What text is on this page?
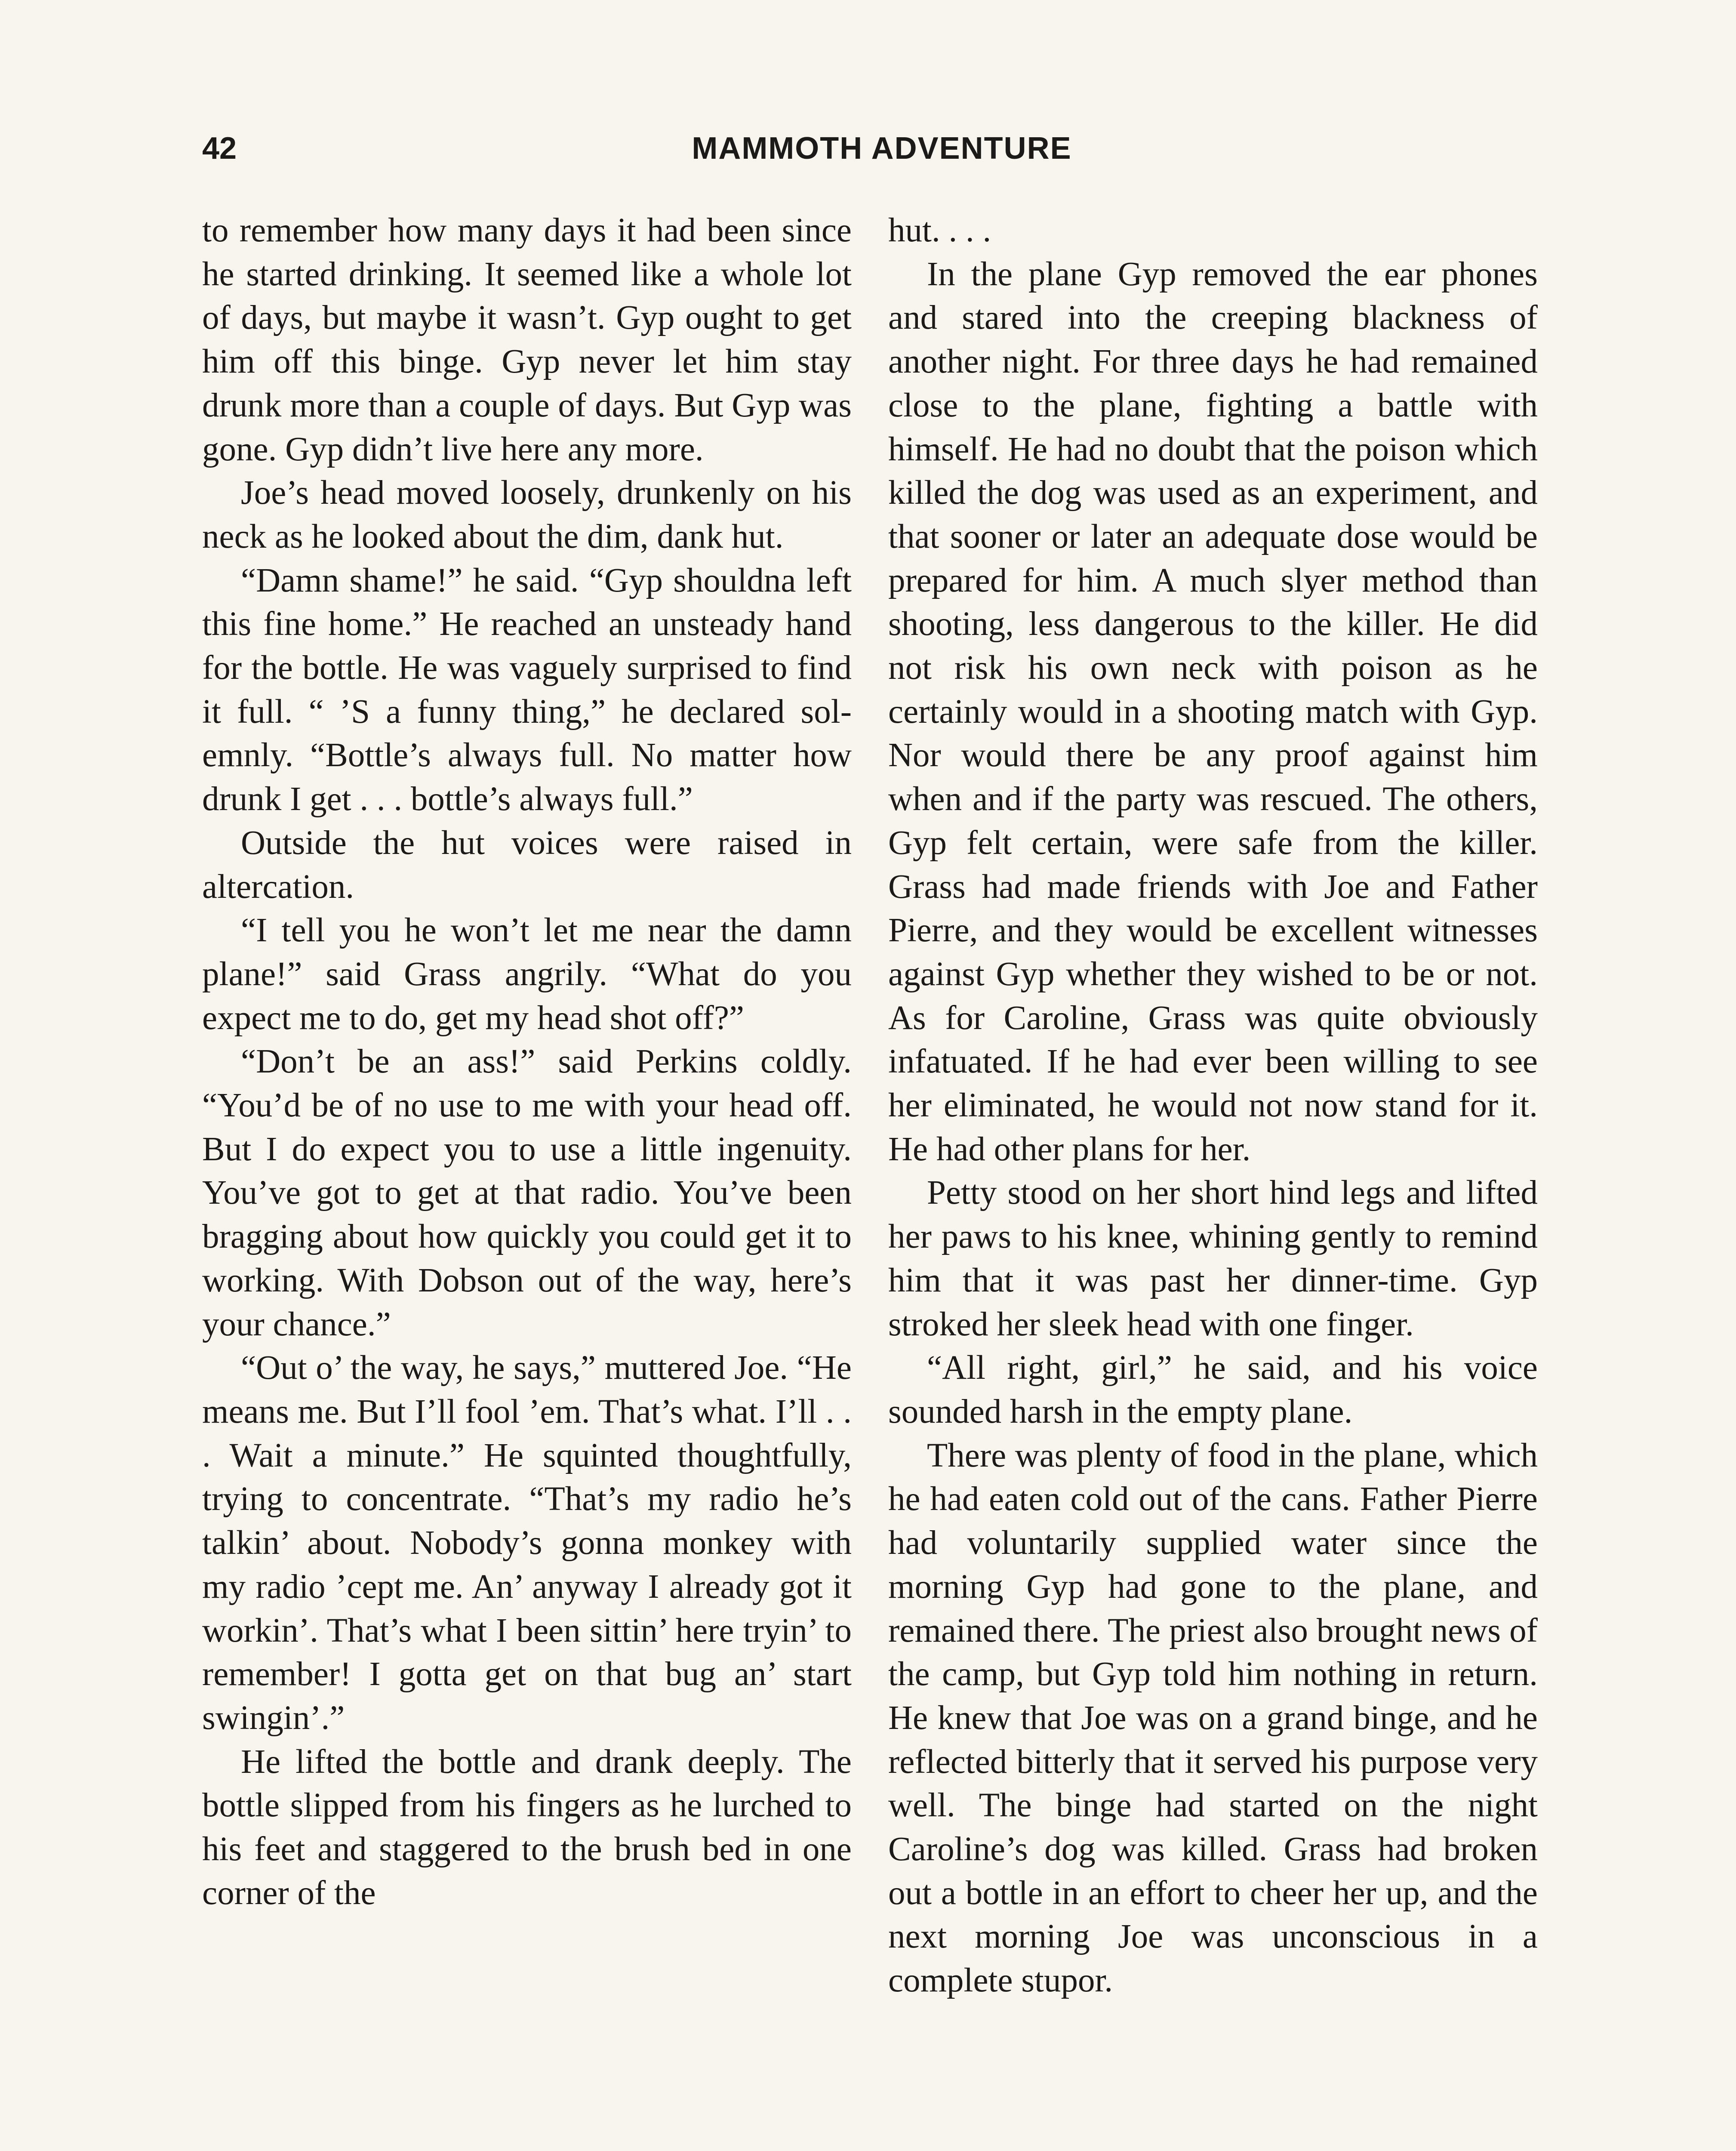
42	MAMMOTH ADVENTURE

to remember how many days it had been since he started drinking. It seemed like a whole lot of days, but maybe it wasn’t. Gyp ought to get him off this binge. Gyp never let him stay drunk more than a couple of days. But Gyp was gone. Gyp didn’t live here any more.

Joe’s head moved loosely, drunkenly on his neck as he looked about the dim, dank hut.

“Damn shame!” he said. “Gyp shouldna left this fine home.” He reached an unsteady hand for the bottle. He was vaguely surprised to find it full. “ ’S a funny thing,” he declared solemnly. “Bottle’s always full. No matter how drunk I get . . . bottle’s always full.”

Outside the hut voices were raised in altercation.

“I tell you he won’t let me near the damn plane!” said Grass angrily. “What do you expect me to do, get my head shot off?”

“Don’t be an ass!” said Perkins coldly. “You’d be of no use to me with your head off. But I do expect you to use a little ingenuity. You’ve got to get at that radio. You’ve been bragging about how quickly you could get it to working. With Dobson out of the way, here’s your chance.”

“Out o’ the way, he says,” muttered Joe. “He means me. But I’ll fool ’em. That’s what. I’ll . . . Wait a minute.” He squinted thoughtfully, trying to concentrate. “That’s my radio he’s talkin’ about. Nobody’s gonna monkey with my radio ’cept me. An’ anyway I already got it workin’. That’s what I been sittin’ here tryin’ to remember! I gotta get on that bug an’ start swingin’.”

He lifted the bottle and drank deeply. The bottle slipped from his fingers as he lurched to his feet and staggered to the brush bed in one corner of the

hut. . . .

In the plane Gyp removed the ear phones and stared into the creeping blackness of another night. For three days he had remained close to the plane, fighting a battle with himself. He had no doubt that the poison which killed the dog was used as an experiment, and that sooner or later an adequate dose would be prepared for him. A much slyer method than shooting, less dangerous to the killer. He did not risk his own neck with poison as he certainly would in a shooting match with Gyp. Nor would there be any proof against him when and if the party was rescued. The others, Gyp felt certain, were safe from the killer. Grass had made friends with Joe and Father Pierre, and they would be excellent witnesses against Gyp whether they wished to be or not. As for Caroline, Grass was quite obviously infatuated. If he had ever been willing to see her eliminated, he would not now stand for it. He had other plans for her.

Petty stood on her short hind legs and lifted her paws to his knee, whining gently to remind him that it was past her dinner-time. Gyp stroked her sleek head with one finger.

“All right, girl,” he said, and his voice sounded harsh in the empty plane.

There was plenty of food in the plane, which he had eaten cold out of the cans. Father Pierre had voluntarily supplied water since the morning Gyp had gone to the plane, and remained there. The priest also brought news of the camp, but Gyp told him nothing in return. He knew that Joe was on a grand binge, and he reflected bitterly that it served his purpose very well. The binge had started on the night Caroline’s dog was killed. Grass had broken out a bottle in an effort to cheer her up, and the next morning Joe was unconscious in a complete stupor.
